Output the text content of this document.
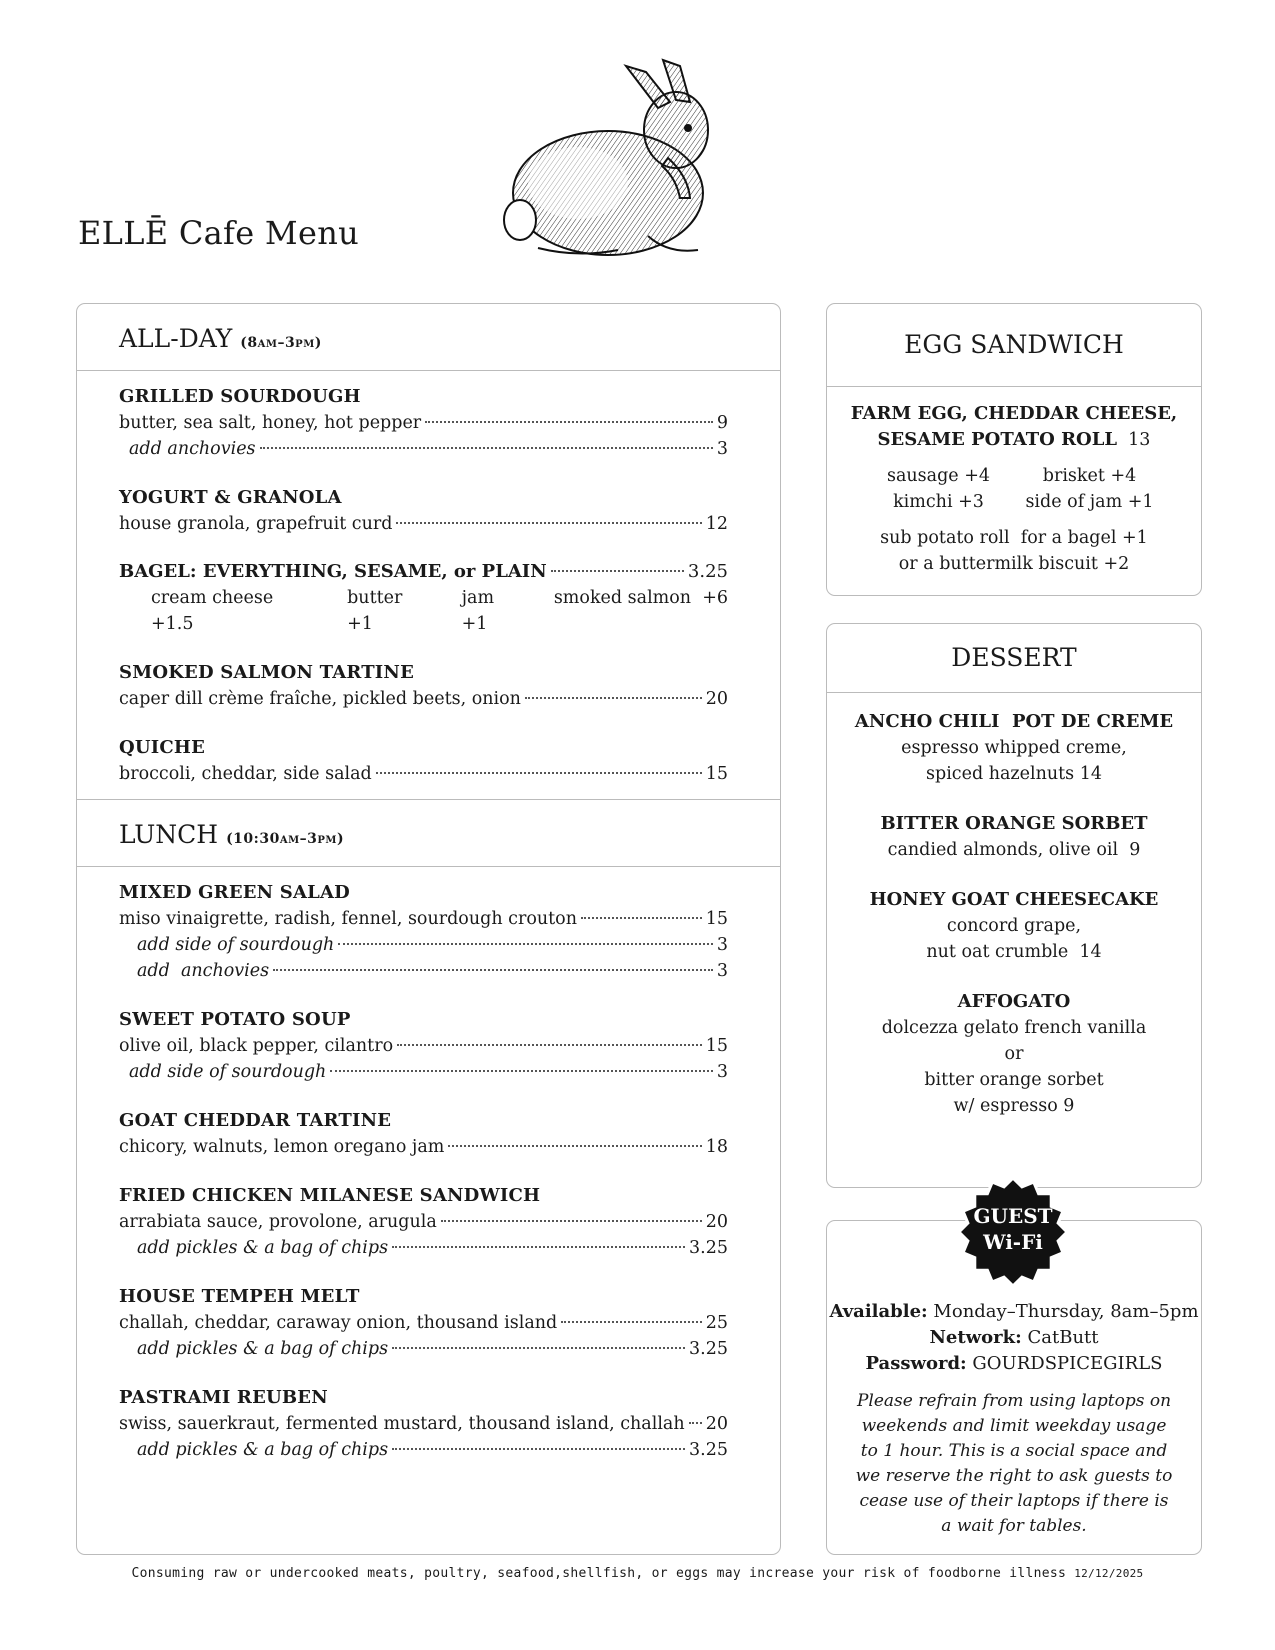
ELLĒ Cafe Menu
ALL-DAY (8am–3pm)
GRILLED SOURDOUGH
butter, sea salt, honey, hot pepper	9
add anchovies	3
YOGURT & GRANOLA
house granola, grapefruit curd	12
BAGEL: EVERYTHING, SESAME, or PLAIN	3.25
cream cheese +1.5
butter +1
jam +1
smoked salmon  +6
SMOKED SALMON TARTINE
caper dill crème fraîche, pickled beets, onion	20
QUICHE
broccoli, cheddar, side salad	15
LUNCH (10:30am–3pm)
MIXED GREEN SALAD
miso vinaigrette, radish, fennel, sourdough crouton	15
add side of sourdough	3
add  anchovies	3
SWEET POTATO SOUP
olive oil, black pepper, cilantro	15
add side of sourdough	3
GOAT CHEDDAR TARTINE
chicory, walnuts, lemon oregano jam	18
FRIED CHICKEN MILANESE SANDWICH
arrabiata sauce, provolone, arugula	20
add pickles & a bag of chips	3.25
HOUSE TEMPEH MELT
challah, cheddar, caraway onion, thousand island	25
add pickles & a bag of chips	3.25
PASTRAMI REUBEN
swiss, sauerkraut, fermented mustard, thousand island, challah 20
add pickles & a bag of chips	3.25
EGG SANDWICH
FARM EGG, CHEDDAR CHEESE,
SESAME POTATO ROLL 13
sausage +4	brisket +4
kimchi +3	side of jam +1
sub potato roll  for a bagel +1
or a buttermilk biscuit +2
DESSERT
ANCHO CHILI  POT DE CREME
espresso whipped creme,
spiced hazelnuts 14
BITTER ORANGE SORBET
candied almonds, olive oil  9
HONEY GOAT CHEESECAKE
concord grape,
nut oat crumble  14
AFFOGATO
dolcezza gelato french vanilla
or
bitter orange sorbet
w/ espresso 9
Available: Monday–Thursday, 8am–5pm
Network: CatButt
Password: GOURDSPICEGIRLS
Please refrain from using laptops on weekends and limit weekday usage to 1 hour. This is a social space and we reserve the right to ask guests to cease use of their laptops if there is a wait for tables.
GUEST
Wi-Fi
Consuming raw or undercooked meats, poultry, seafood,shellfish, or eggs may increase your risk of foodborne illness 12/12/2025
